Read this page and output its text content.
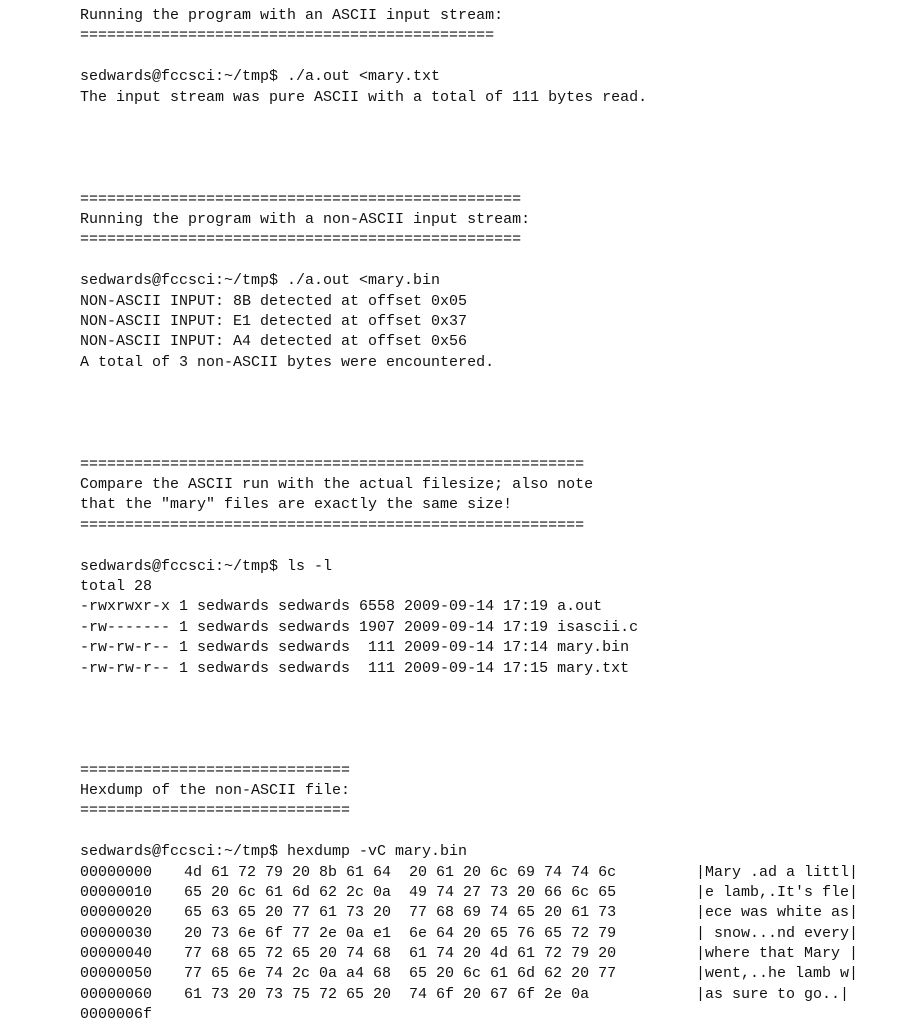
Running the program with an ASCII input stream:
==============================================
sedwards@fccsci:~/tmp$ ./a.out <mary.txt
The input stream was pure ASCII with a total of 111 bytes read.
=================================================
Running the program with a non-ASCII input stream:
=================================================
sedwards@fccsci:~/tmp$ ./a.out <mary.bin
NON-ASCII INPUT: 8B detected at offset 0x05
NON-ASCII INPUT: E1 detected at offset 0x37
NON-ASCII INPUT: A4 detected at offset 0x56
A total of 3 non-ASCII bytes were encountered.
========================================================
Compare the ASCII run with the actual filesize; also note
that the "mary" files are exactly the same size!
========================================================
sedwards@fccsci:~/tmp$ ls -l
total 28
-rwxrwxr-x 1 sedwards sedwards 6558 2009-09-14 17:19 a.out
-rw------- 1 sedwards sedwards 1907 2009-09-14 17:19 isascii.c
-rw-rw-r-- 1 sedwards sedwards  111 2009-09-14 17:14 mary.bin
-rw-rw-r-- 1 sedwards sedwards  111 2009-09-14 17:15 mary.txt
==============================
Hexdump of the non-ASCII file:
==============================
sedwards@fccsci:~/tmp$ hexdump -vC mary.bin
00000000	4d 61 72 79 20 8b 61 64  20 61 20 6c 69 74 74 6c	|Mary .ad a littl|
00000010	65 20 6c 61 6d 62 2c 0a  49 74 27 73 20 66 6c 65	|e lamb,.It's fle|
00000020	65 63 65 20 77 61 73 20  77 68 69 74 65 20 61 73	|ece was white as|
00000030	20 73 6e 6f 77 2e 0a e1  6e 64 20 65 76 65 72 79	| snow...nd every|
00000040	77 68 65 72 65 20 74 68  61 74 20 4d 61 72 79 20	|where that Mary |
00000050	77 65 6e 74 2c 0a a4 68  65 20 6c 61 6d 62 20 77	|went,..he lamb w|
00000060	61 73 20 73 75 72 65 20  74 6f 20 67 6f 2e 0a	|as sure to go..|
0000006f
